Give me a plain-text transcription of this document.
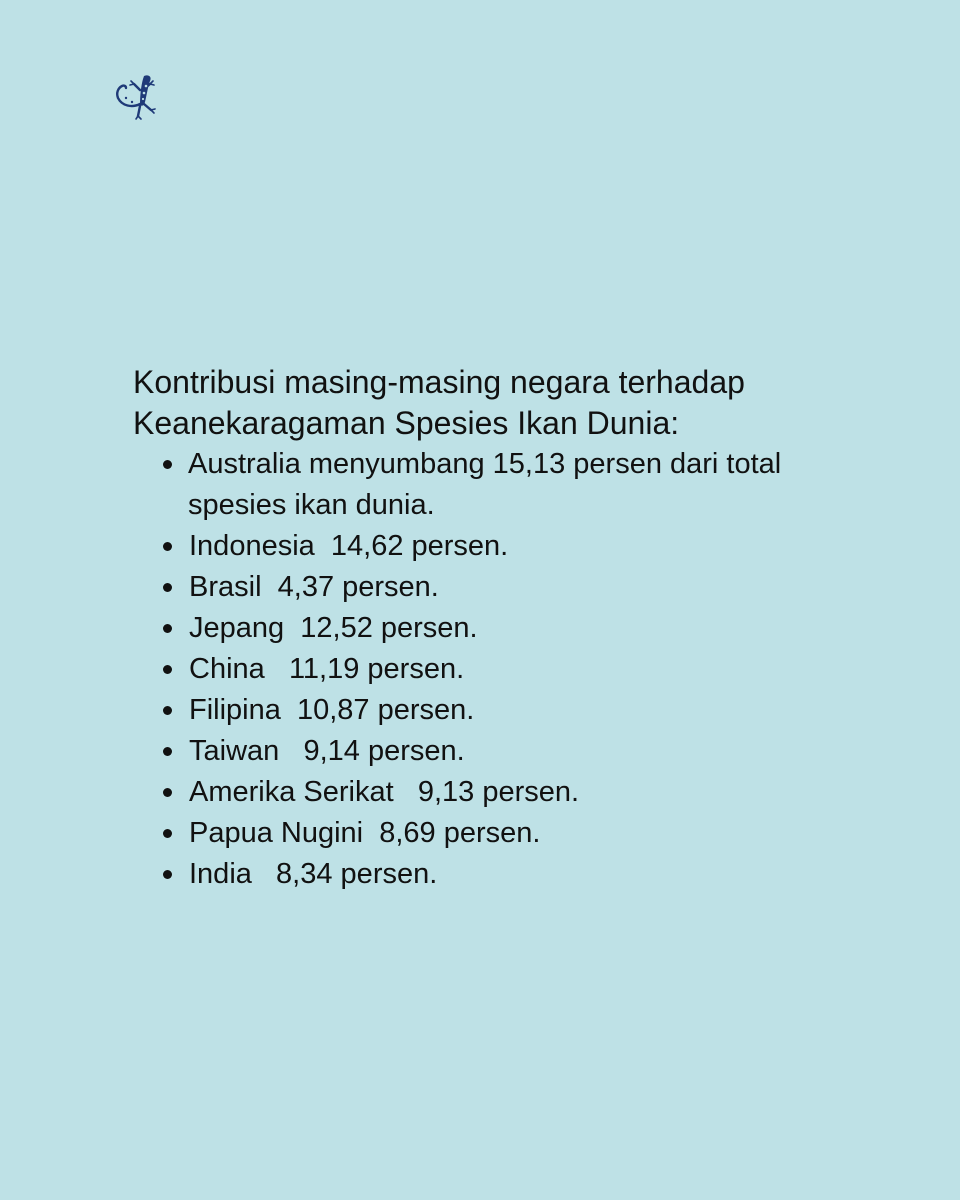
Kontribusi masing-masing negara terhadap
Keanekaragaman Spesies Ikan Dunia:
Australia menyumbang 15,13 persen dari total spesies ikan dunia.
Indonesia  14,62 persen.
Brasil  4,37 persen.
Jepang  12,52 persen.
China   11,19 persen.
Filipina  10,87 persen.
Taiwan   9,14 persen.
Amerika Serikat   9,13 persen.
Papua Nugini  8,69 persen.
India   8,34 persen.
